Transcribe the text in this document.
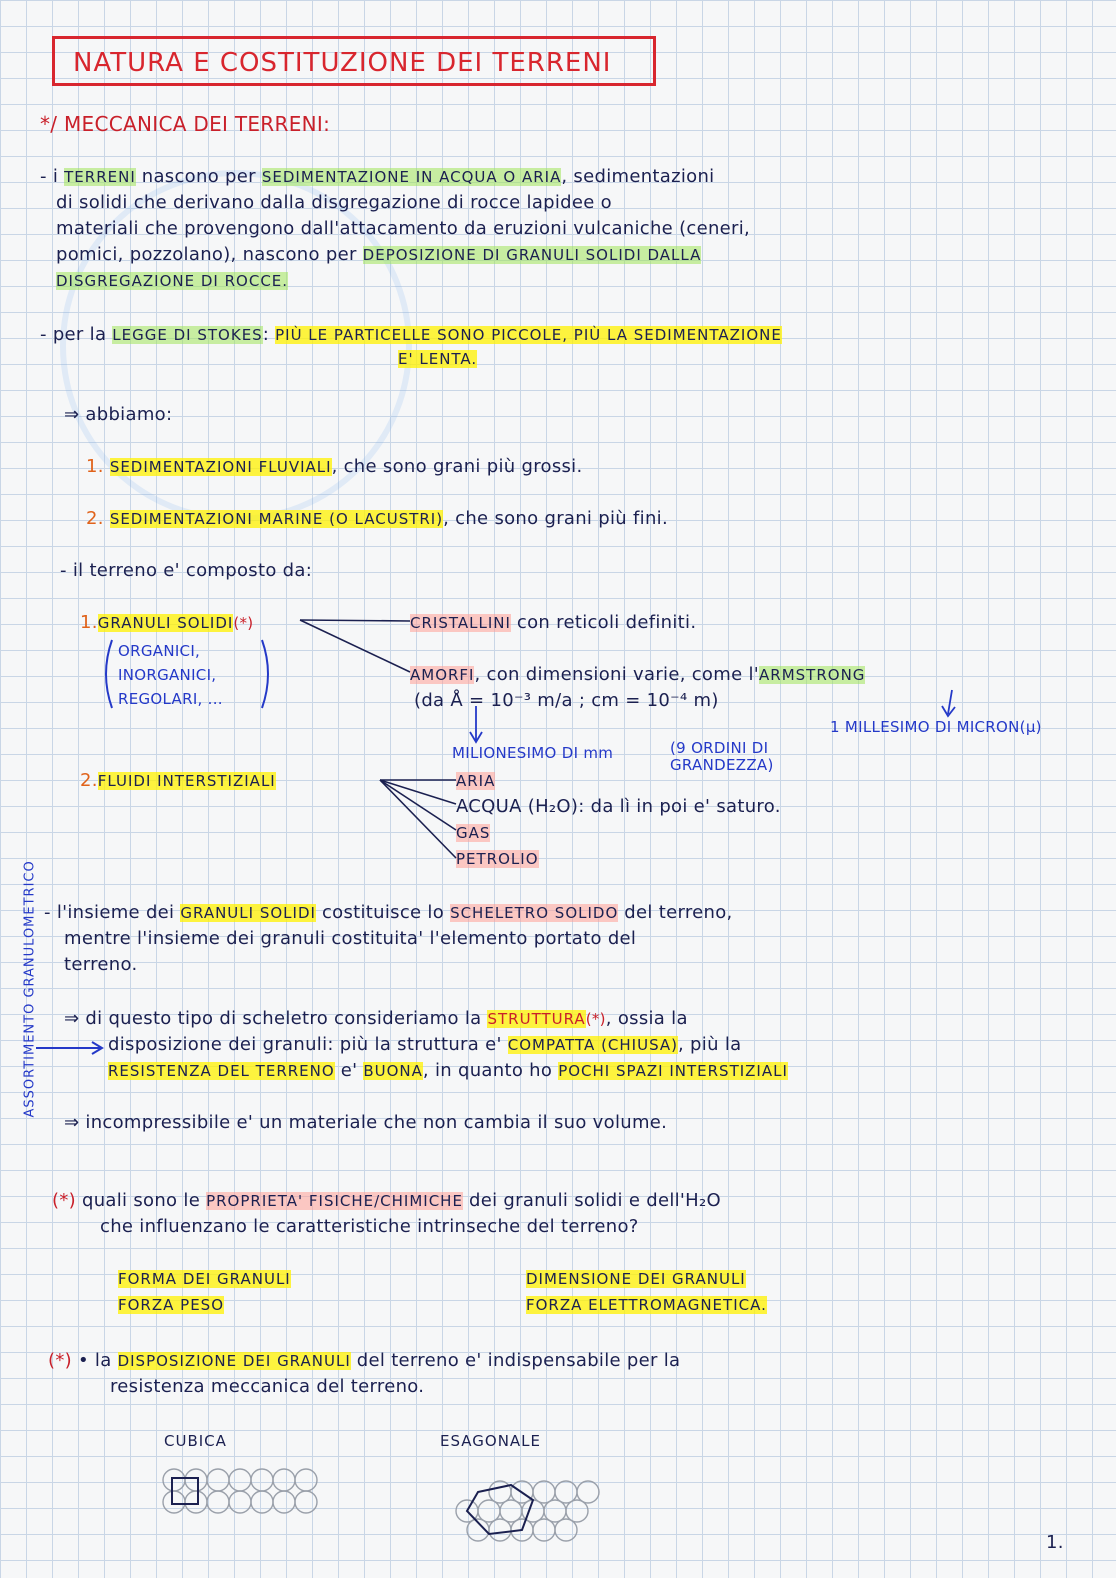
NATURA E COSTITUZIONE DEI TERRENI
*/ MECCANICA DEI TERRENI:
- i TERRENI nascono per SEDIMENTAZIONE IN ACQUA O ARIA, sedimentazioni
di solidi che derivano dalla disgregazione di rocce lapidee o
materiali che provengono dall'attacamento da eruzioni vulcaniche (ceneri,
pomici, pozzolano), nascono per DEPOSIZIONE DI GRANULI SOLIDI DALLA
DISGREGAZIONE DI ROCCE.
- per la LEGGE DI STOKES: PIÙ LE PARTICELLE SONO PICCOLE, PIÙ LA SEDIMENTAZIONE
E' LENTA.
⇒ abbiamo:
1. SEDIMENTAZIONI FLUVIALI, che sono grani più grossi.
2. SEDIMENTAZIONI MARINE (O LACUSTRI), che sono grani più fini.
- il terreno e' composto da:
1.GRANULI SOLIDI(*)
ORGANICI,
INORGANICI,
REGOLARI, ...
CRISTALLINI con reticoli definiti.
AMORFI, con dimensioni varie, come l'ARMSTRONG
(da Å = 10⁻³ m/a ; cm = 10⁻⁴ m)
1 MILLESIMO DI MICRON(μ)
MILIONESIMO DI mm	(9 ORDINI DI GRANDEZZA)
2.FLUIDI INTERSTIZIALI	ARIA
ACQUA (H₂O): da lì in poi e' saturo.
GAS
PETROLIO
- l'insieme dei GRANULI SOLIDI costituisce lo SCHELETRO SOLIDO del terreno,
mentre l'insieme dei granuli costituita' l'elemento portato del
terreno.
⇒ di questo tipo di scheletro consideriamo la STRUTTURA(*), ossia la
disposizione dei granuli: più la struttura e' COMPATTA (CHIUSA), più la
RESISTENZA DEL TERRENO e' BUONA, in quanto ho POCHI SPAZI INTERSTIZIALI
⇒ incompressibile e' un materiale che non cambia il suo volume.
ASSORTIMENTO GRANULOMETRICO
(*) quali sono le PROPRIETA' FISICHE/CHIMICHE dei granuli solidi e dell'H₂O
che influenzano le caratteristiche intrinseche del terreno?
FORMA DEI GRANULI
FORZA PESO
DIMENSIONE DEI GRANULI
FORZA ELETTROMAGNETICA.
(*) • la DISPOSIZIONE DEI GRANULI del terreno e' indispensabile per la
resistenza meccanica del terreno.
CUBICA	ESAGONALE
1.
